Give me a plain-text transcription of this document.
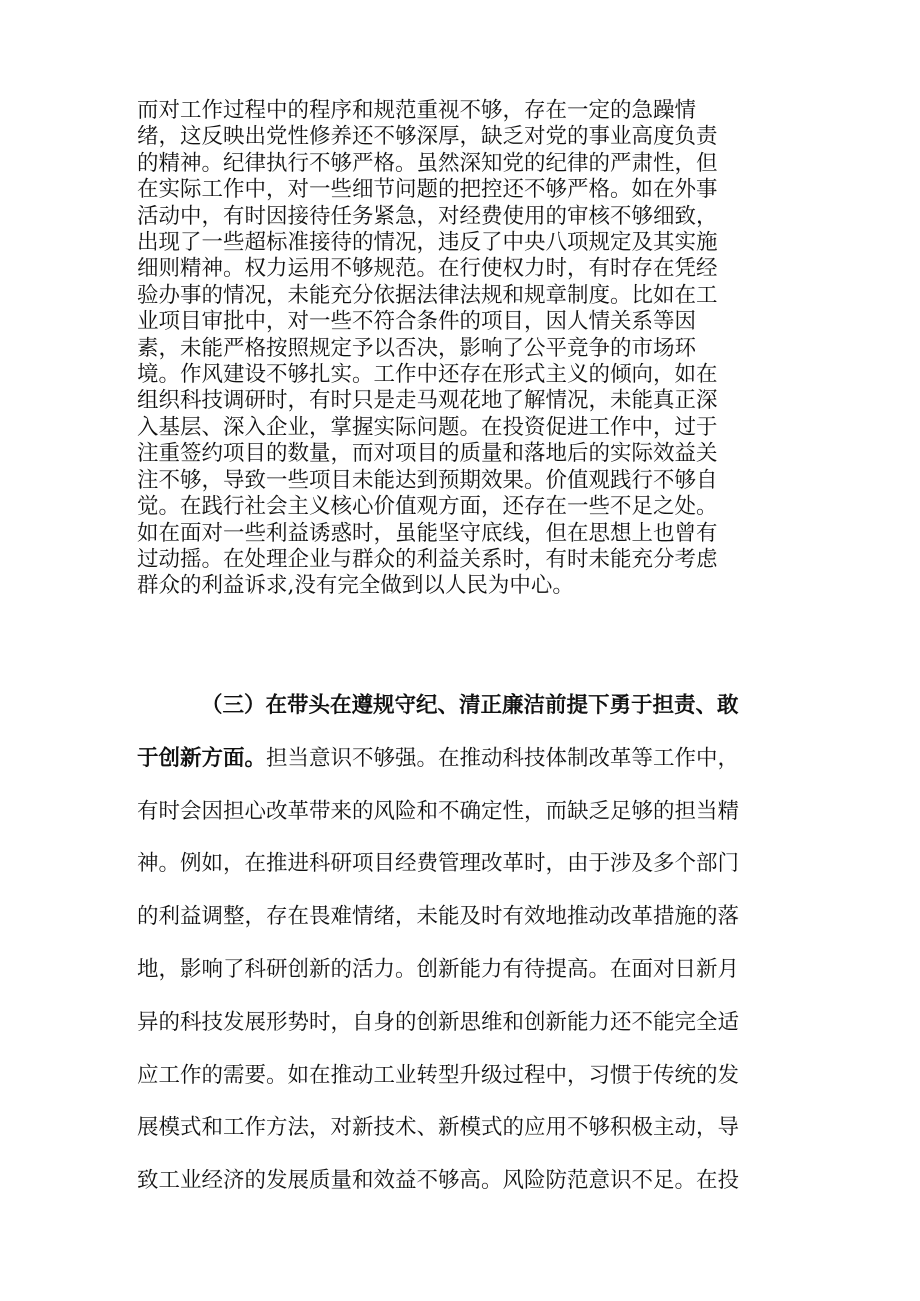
而对工作过程中的程序和规范重视不够，存在一定的急躁情
绪，这反映出党性修养还不够深厚，缺乏对党的事业高度负责
的精神。纪律执行不够严格。虽然深知党的纪律的严肃性，但
在实际工作中，对一些细节问题的把控还不够严格。如在外事
活动中，有时因接待任务紧急，对经费使用的审核不够细致，
出现了一些超标准接待的情况，违反了中央八项规定及其实施
细则精神。权力运用不够规范。在行使权力时，有时存在凭经
验办事的情况，未能充分依据法律法规和规章制度。比如在工
业项目审批中，对一些不符合条件的项目，因人情关系等因
素，未能严格按照规定予以否决，影响了公平竞争的市场环
境。作风建设不够扎实。工作中还存在形式主义的倾向，如在
组织科技调研时，有时只是走马观花地了解情况，未能真正深
入基层、深入企业，掌握实际问题。在投资促进工作中，过于
注重签约项目的数量，而对项目的质量和落地后的实际效益关
注不够，导致一些项目未能达到预期效果。价值观践行不够自
觉。在践行社会主义核心价值观方面，还存在一些不足之处。
如在面对一些利益诱惑时，虽能坚守底线，但在思想上也曾有
过动摇。在处理企业与群众的利益关系时，有时未能充分考虑
群众的利益诉求,没有完全做到以人民为中心。
（三）在带头在遵规守纪、清正廉洁前提下勇于担责、敢
于创新方面。担当意识不够强。在推动科技体制改革等工作中，
有时会因担心改革带来的风险和不确定性，而缺乏足够的担当精
神。例如，在推进科研项目经费管理改革时，由于涉及多个部门
的利益调整，存在畏难情绪，未能及时有效地推动改革措施的落
地，影响了科研创新的活力。创新能力有待提高。在面对日新月
异的科技发展形势时，自身的创新思维和创新能力还不能完全适
应工作的需要。如在推动工业转型升级过程中，习惯于传统的发
展模式和工作方法，对新技术、新模式的应用不够积极主动，导
致工业经济的发展质量和效益不够高。风险防范意识不足。在投
